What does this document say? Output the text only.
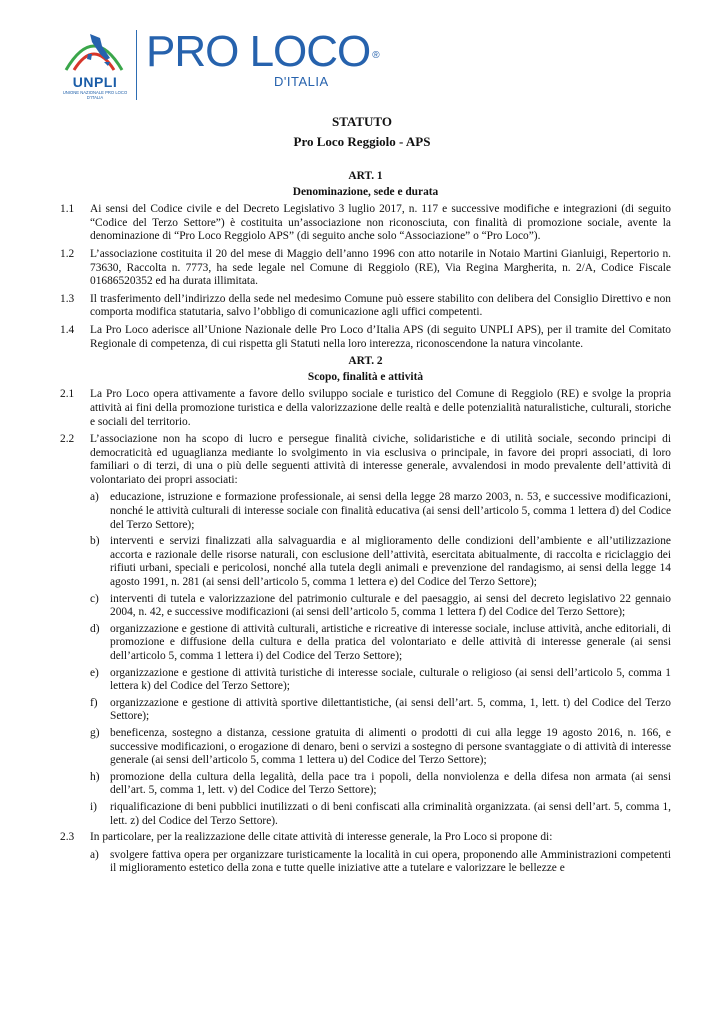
UNPLI
UNIONE NAZIONALE PRO LOCO D'ITALIA
PRO LOCO ®
D'ITALIA
STATUTO
Pro Loco Reggiolo - APS

ART. 1

Denominazione, sede e durata

1.1	Ai sensi del Codice civile e del Decreto Legislativo 3 luglio 2017, n. 117 e successive modifiche e integrazioni (di seguito “Codice del Terzo Settore”) è costituita un’associazione non riconosciuta, con finalità di promozione sociale, avente la denominazione di “Pro Loco Reggiolo APS” (di seguito anche solo “Associazione” o “Pro Loco”).
1.2	L’associazione costituita il 20 del mese di Maggio dell’anno 1996 con atto notarile in Notaio Martini Gianluigi, Repertorio n. 73630, Raccolta n. 7773, ha sede legale nel Comune di Reggiolo (RE), Via Regina Margherita, n. 2/A, Codice Fiscale 01686520352 ed ha durata illimitata.
1.3	Il trasferimento dell’indirizzo della sede nel medesimo Comune può essere stabilito con delibera del Consiglio Direttivo e non comporta modifica statutaria, salvo l’obbligo di comunicazione agli uffici competenti.
1.4	La Pro Loco aderisce all’Unione Nazionale delle Pro Loco d’Italia APS (di seguito UNPLI APS), per il tramite del Comitato Regionale di competenza, di cui rispetta gli Statuti nella loro interezza, riconoscendone la natura vincolante.

ART. 2

Scopo, finalità e attività

2.1	La Pro Loco opera attivamente a favore dello sviluppo sociale e turistico del Comune di Reggiolo (RE) e svolge la propria attività ai fini della promozione turistica e della valorizzazione delle realtà e delle potenzialità naturalistiche, culturali, storiche e sociali del territorio.
2.2	L’associazione non ha scopo di lucro e persegue finalità civiche, solidaristiche e di utilità sociale, secondo principi di democraticità ed uguaglianza mediante lo svolgimento in via esclusiva o principale, in favore dei propri associati, di loro familiari o di terzi, di una o più delle seguenti attività di interesse generale, avvalendosi in modo prevalente dell’attività di volontariato dei propri associati:
a) educazione, istruzione e formazione professionale, ai sensi della legge 28 marzo 2003, n. 53, e successive modificazioni, nonché le attività culturali di interesse sociale con finalità educativa (ai sensi dell’articolo 5, comma 1 lettera d) del Codice del Terzo Settore);
b) interventi e servizi finalizzati alla salvaguardia e al miglioramento delle condizioni dell’ambiente e all’utilizzazione accorta e razionale delle risorse naturali, con esclusione dell’attività, esercitata abitualmente, di raccolta e riciclaggio dei rifiuti urbani, speciali e pericolosi, nonché alla tutela degli animali e prevenzione del randagismo, ai sensi della legge 14 agosto 1991, n. 281 (ai sensi dell’articolo 5, comma 1 lettera e) del Codice del Terzo Settore);
c) interventi di tutela e valorizzazione del patrimonio culturale e del paesaggio, ai sensi del decreto legislativo 22 gennaio 2004, n. 42, e successive modificazioni (ai sensi dell’articolo 5, comma 1 lettera f) del Codice del Terzo Settore);
d) organizzazione e gestione di attività culturali, artistiche e ricreative di interesse sociale, incluse attività, anche editoriali, di promozione e diffusione della cultura e della pratica del volontariato e delle attività di interesse generale (ai sensi dell’articolo 5, comma 1 lettera i) del Codice del Terzo Settore);
e) organizzazione e gestione di attività turistiche di interesse sociale, culturale o religioso (ai sensi dell’articolo 5, comma 1 lettera k) del Codice del Terzo Settore);
f)	organizzazione e gestione di attività sportive dilettantistiche, (ai sensi dell’art. 5, comma, 1, lett. t) del Codice del Terzo Settore);
g) beneficenza, sostegno a distanza, cessione gratuita di alimenti o prodotti di cui alla legge 19 agosto 2016, n. 166, e successive modificazioni, o erogazione di denaro, beni o servizi a sostegno di persone svantaggiate o di attività di interesse generale (ai sensi dell’articolo 5, comma 1 lettera u) del Codice del Terzo Settore);
h) promozione della cultura della legalità, della pace tra i popoli, della nonviolenza e della difesa non armata (ai sensi dell’art. 5, comma 1, lett. v) del Codice del Terzo Settore);
i)	riqualificazione di beni pubblici inutilizzati o di beni confiscati alla criminalità organizzata. (ai sensi dell’art. 5, comma 1, lett. z) del Codice del Terzo Settore).
2.3	In particolare, per la realizzazione delle citate attività di interesse generale, la Pro Loco si propone di:
a) svolgere fattiva opera per organizzare turisticamente la località in cui opera, proponendo alle Amministrazioni competenti il miglioramento estetico della zona e tutte quelle iniziative atte a tutelare e valorizzare le bellezze e
